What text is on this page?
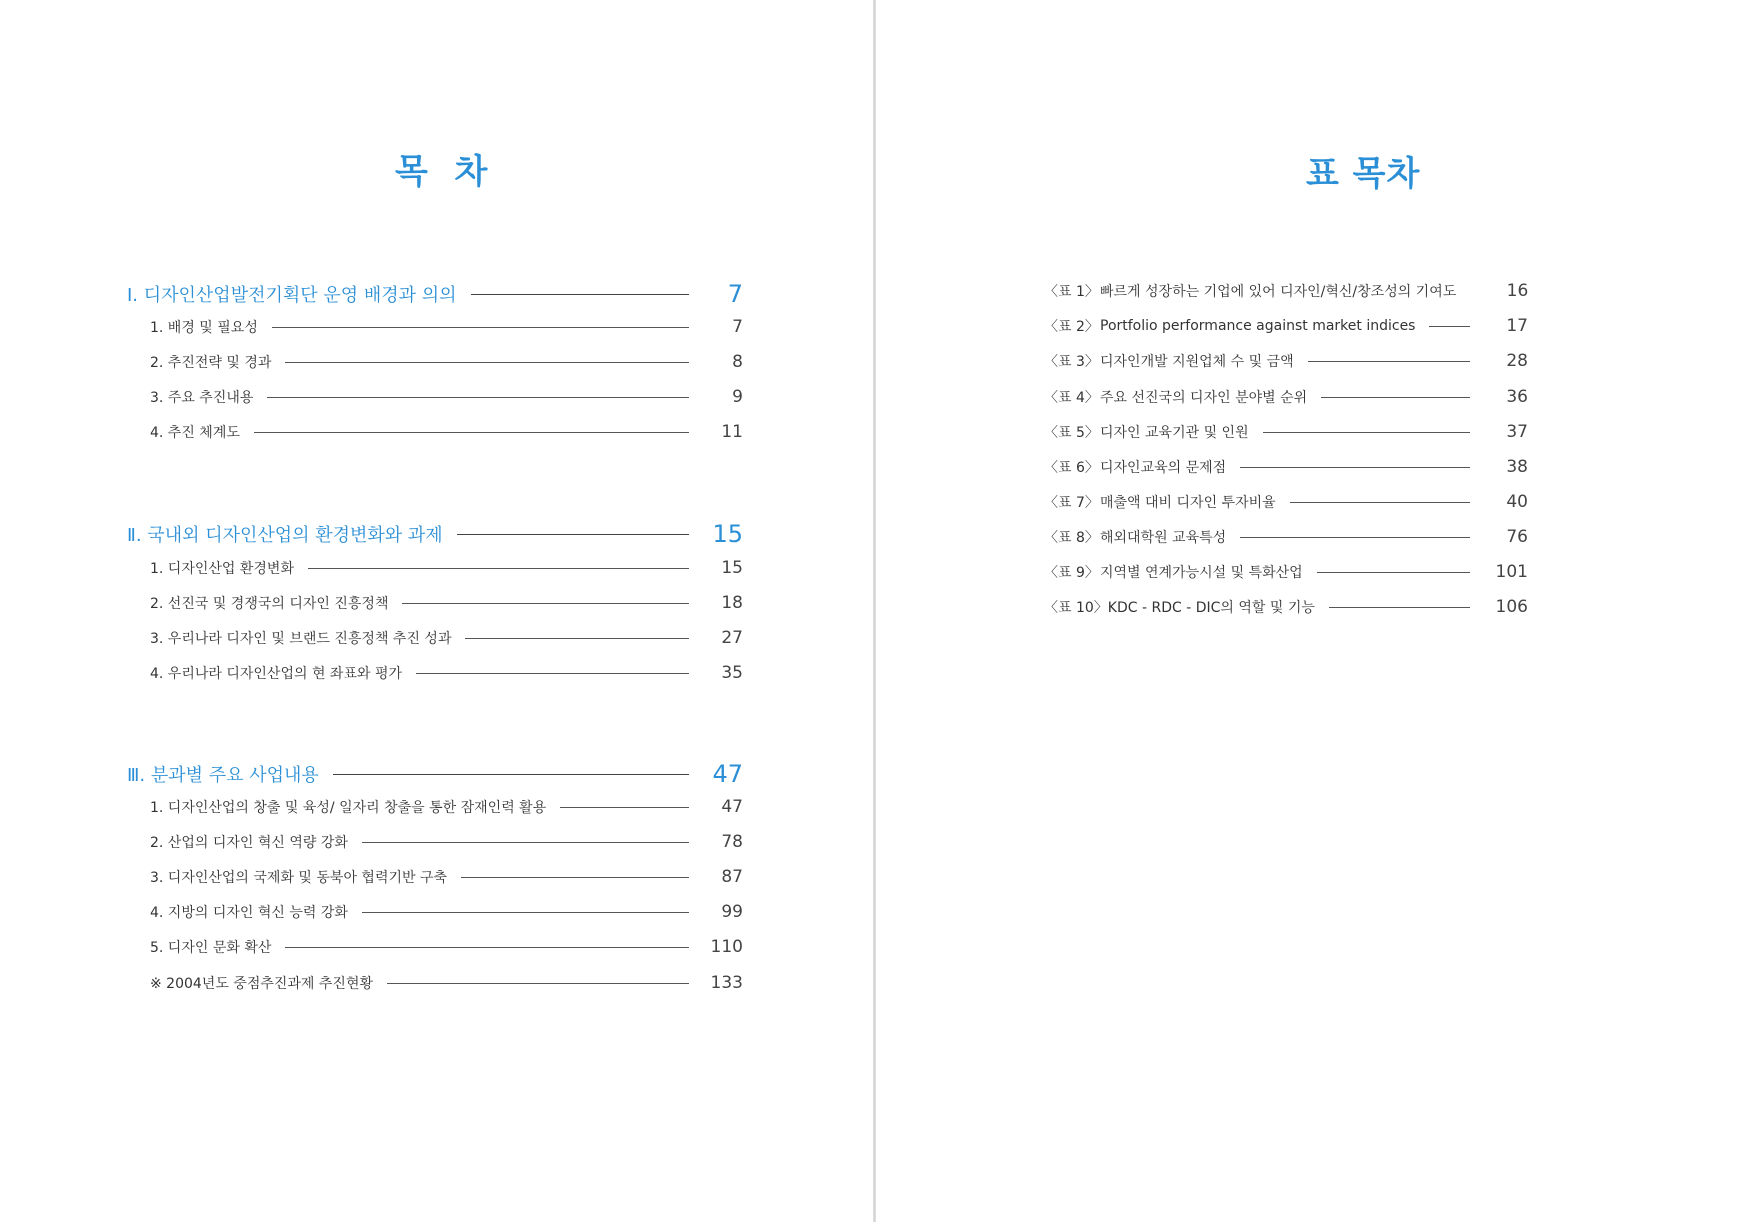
목  차
Ⅰ. 디자인산업발전기획단 운영 배경과 의의	7
1. 배경 및 필요성	7
2. 추진전략 및 경과	8
3. 주요 추진내용	9
4. 추진 체계도	11
Ⅱ. 국내외 디자인산업의 환경변화와 과제	15
1. 디자인산업 환경변화	15
2. 선진국 및 경쟁국의 디자인 진흥정책	18
3. 우리나라 디자인 및 브랜드 진흥정책 추진 성과	27
4. 우리나라 디자인산업의 현 좌표와 평가	35
Ⅲ. 분과별 주요 사업내용	47
1. 디자인산업의 창출 및 육성/ 일자리 창출을 통한 잠재인력 활용	47
2. 산업의 디자인 혁신 역량 강화	78
3. 디자인산업의 국제화 및 동북아 협력기반 구축	87
4. 지방의 디자인 혁신 능력 강화	99
5. 디자인 문화 확산	110
※ 2004년도 중점추진과제 추진현황	133
표 목차
〈표 1〉 빠르게 성장하는 기업에 있어 디자인/혁신/창조성의 기여도	16
〈표 2〉 Portfolio performance against market indices	17
〈표 3〉 디자인개발 지원업체 수 및 금액	28
〈표 4〉 주요 선진국의 디자인 분야별 순위	36
〈표 5〉 디자인 교육기관 및 인원	37
〈표 6〉 디자인교육의 문제점	38
〈표 7〉 매출액 대비 디자인 투자비율	40
〈표 8〉 해외대학원 교육특성	76
〈표 9〉 지역별 연계가능시설 및 특화산업	101
〈표 10〉 KDC - RDC - DIC의 역할 및 기능	106
